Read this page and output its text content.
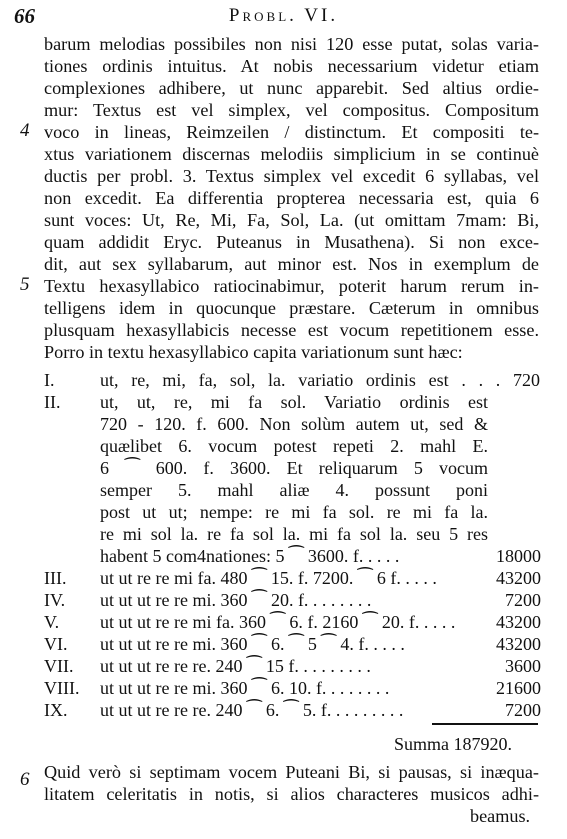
66	Probl. VI.
4
5
6
barum melodias possibiles non nisi 120 esse putat, solas varia-
tiones ordinis intuitus. At nobis necessarium videtur etiam
complexiones adhibere, ut nunc apparebit. Sed altius ordie-
mur: Textus est vel simplex, vel compositus. Compositum
voco in lineas, Reimzeilen / distinctum. Et compositi te-
xtus variationem discernas melodiis simplicium in se continuè
ductis per probl. 3. Textus simplex vel excedit 6 syllabas, vel
non excedit. Ea differentia propterea necessaria est, quia 6
sunt voces: Ut, Re, Mi, Fa, Sol, La. (ut omittam 7mam: Bi,
quam addidit Eryc. Puteanus in Musathena). Si non exce-
dit, aut sex syllabarum, aut minor est. Nos in exemplum de
Textu hexasyllabico ratiocinabimur, poterit harum rerum in-
telligens idem in quocunque præstare. Cæterum in omnibus
plusquam hexasyllabicis necesse est vocum repetitionem esse.
Porro in textu hexasyllabico capita variationum sunt hæc:
I.	ut, re, mi, fa, sol, la. variatio ordinis est . . . 720
II. ut, ut, re, mi fa sol. Variatio ordinis est
720 - 120. f. 600. Non solùm autem ut, sed &
quælibet 6. vocum potest repeti 2. mahl E.
6 ⁀ 600. f. 3600. Et reliquarum 5 vocum
semper 5. mahl aliæ 4. possunt poni
post ut ut; nempe: re mi fa sol. re mi fa la.
re mi sol la. re fa sol la. mi fa sol la. seu 5 res
habent 5 com4nationes: 5 ⁀ 3600. f. . . . .	18000
III. ut ut re re mi fa. 480 ⁀ 15. f. 7200. ⁀ 6 f. . . . .	43200
IV. ut ut ut re re mi. 360 ⁀ 20. f. . . . . . . .	7200
V. ut ut ut re re mi fa. 360 ⁀ 6. f. 2160 ⁀ 20. f. . . . . 43200
VI. ut ut ut re re mi. 360 ⁀ 6. ⁀ 5 ⁀ 4. f. . . . .	43200
VII. ut ut ut re re re. 240 ⁀ 15 f. . . . . . . . .	3600
VIII. ut ut ut re re mi. 360 ⁀ 6. 10. f. . . . . . . .	21600
IX. ut ut ut re re re. 240 ⁀ 6. ⁀ 5. f. . . . . . . . .	7200
Summa 187920.
Quid verò si septimam vocem Puteani Bi, si pausas, si inæqua-
litatem celeritatis in notis, si alios characteres musicos adhi-
beamus.
